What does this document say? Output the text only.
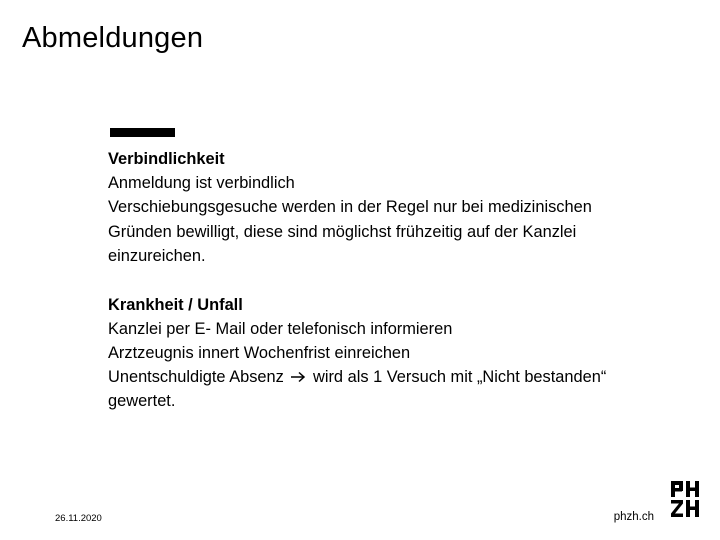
Abmeldungen
Verbindlichkeit
Anmeldung ist verbindlich
Verschiebungsgesuche werden in der Regel nur bei medizinischen
Gründen bewilligt, diese sind möglichst frühzeitig auf der Kanzlei
einzureichen.
Krankheit / Unfall
Kanzlei per E- Mail oder telefonisch informieren
Arztzeugnis innert Wochenfrist einreichen
Unentschuldigte Absenz wird als 1 Versuch mit „Nicht bestanden“
gewertet.
26.11.2020	phzh.ch
